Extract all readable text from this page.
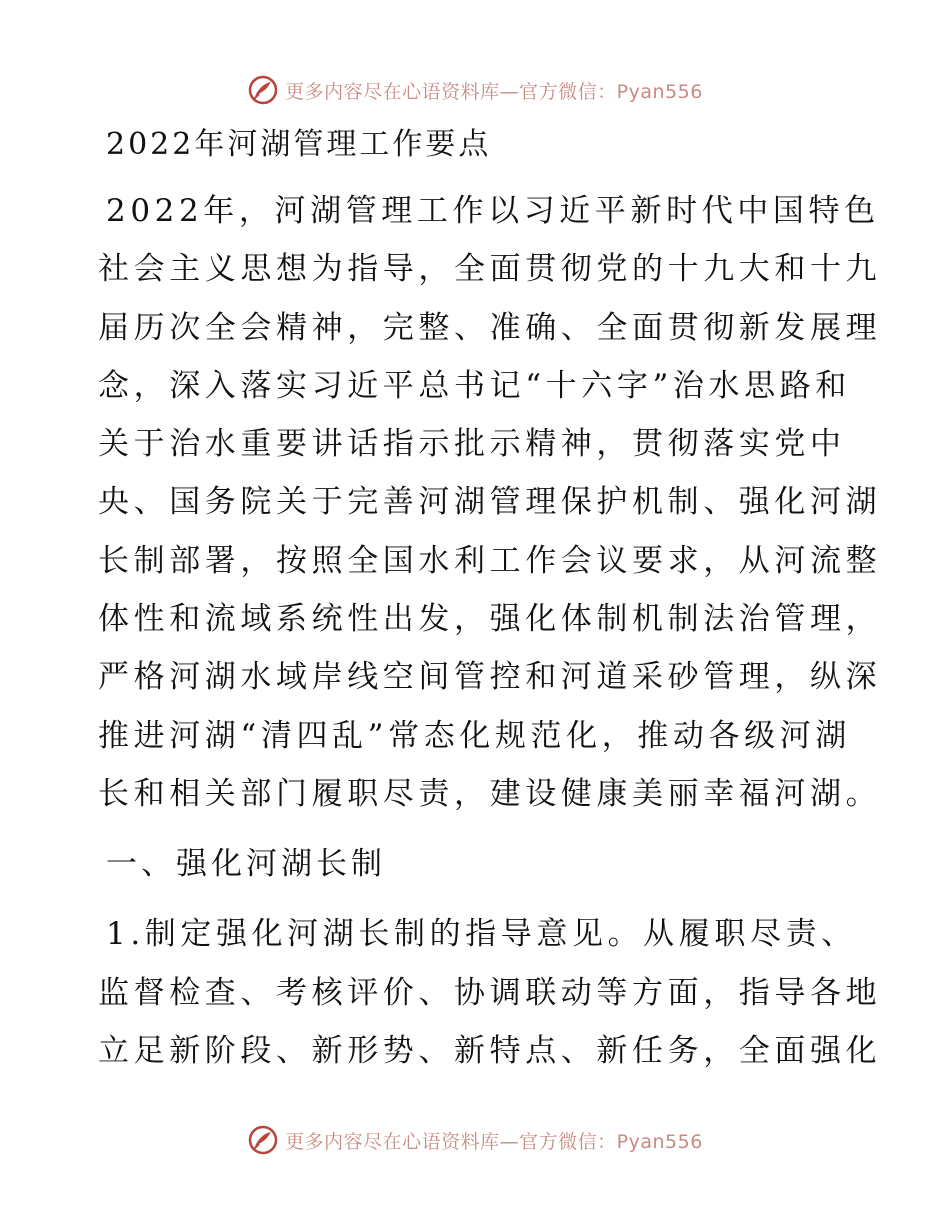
更多内容尽在心语资料库—官方微信：Pyan556
2022年河湖管理工作要点

2022年，河湖管理工作以习近平新时代中国特色
社会主义思想为指导，全面贯彻党的十九大和十九
届历次全会精神，完整、准确、全面贯彻新发展理
念，深入落实习近平总书记“十六字”治水思路和
关于治水重要讲话指示批示精神，贯彻落实党中
央、国务院关于完善河湖管理保护机制、强化河湖
长制部署，按照全国水利工作会议要求，从河流整
体性和流域系统性出发，强化体制机制法治管理，
严格河湖水域岸线空间管控和河道采砂管理，纵深
推进河湖“清四乱”常态化规范化，推动各级河湖
长和相关部门履职尽责，建设健康美丽幸福河湖。

一、强化河湖长制

1.制定强化河湖长制的指导意见。从履职尽责、
监督检查、考核评价、协调联动等方面，指导各地
立足新阶段、新形势、新特点、新任务，全面强化

更多内容尽在心语资料库—官方微信：Pyan556
